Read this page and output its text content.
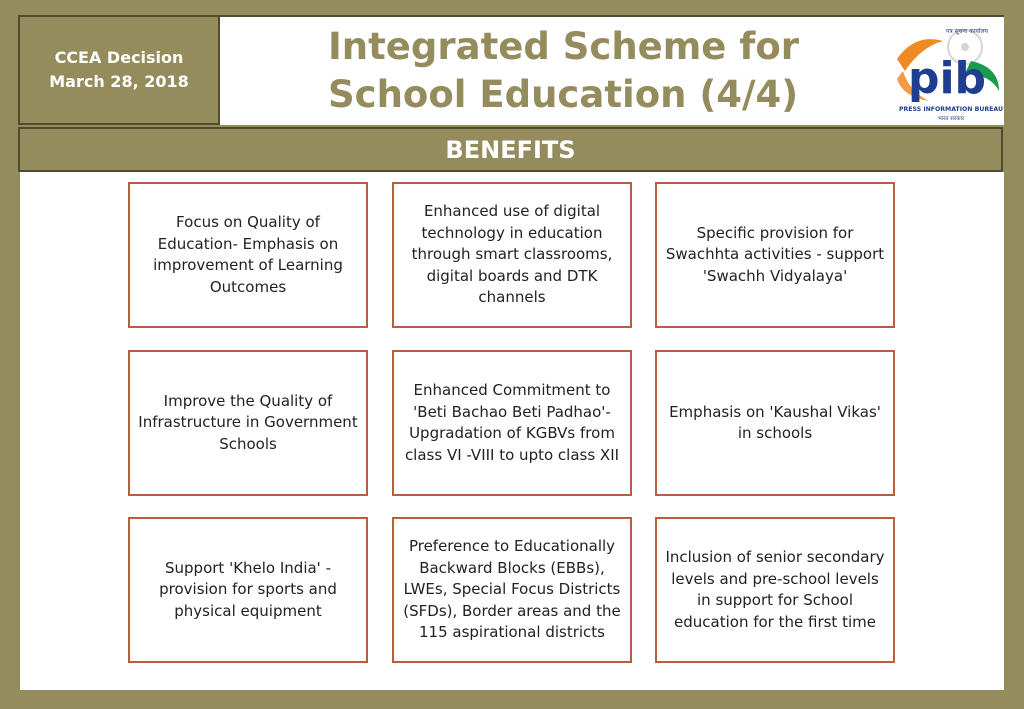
CCEA Decision
March 28, 2018
Integrated Scheme for
School Education (4/4)	pib
पत्र सूचना कार्यालय
PRESS INFORMATION BUREAU
भारत सरकार
BENEFITS
Focus on Quality of Education- Emphasis on improvement of Learning Outcomes
Enhanced use of digital technology in education through smart classrooms, digital boards and DTK channels
Specific provision for Swachhta activities - support 'Swachh Vidyalaya'
Improve the Quality of Infrastructure in Government Schools
Enhanced Commitment to 'Beti Bachao Beti Padhao'- Upgradation of KGBVs from class VI -VIII to upto class XII
Emphasis on 'Kaushal Vikas' in schools
Support 'Khelo India' - provision for sports and physical equipment
Preference to Educationally Backward Blocks (EBBs), LWEs, Special Focus Districts (SFDs), Border areas and the 115 aspirational districts
Inclusion of senior secondary levels and pre-school levels in support for School education for the first time
